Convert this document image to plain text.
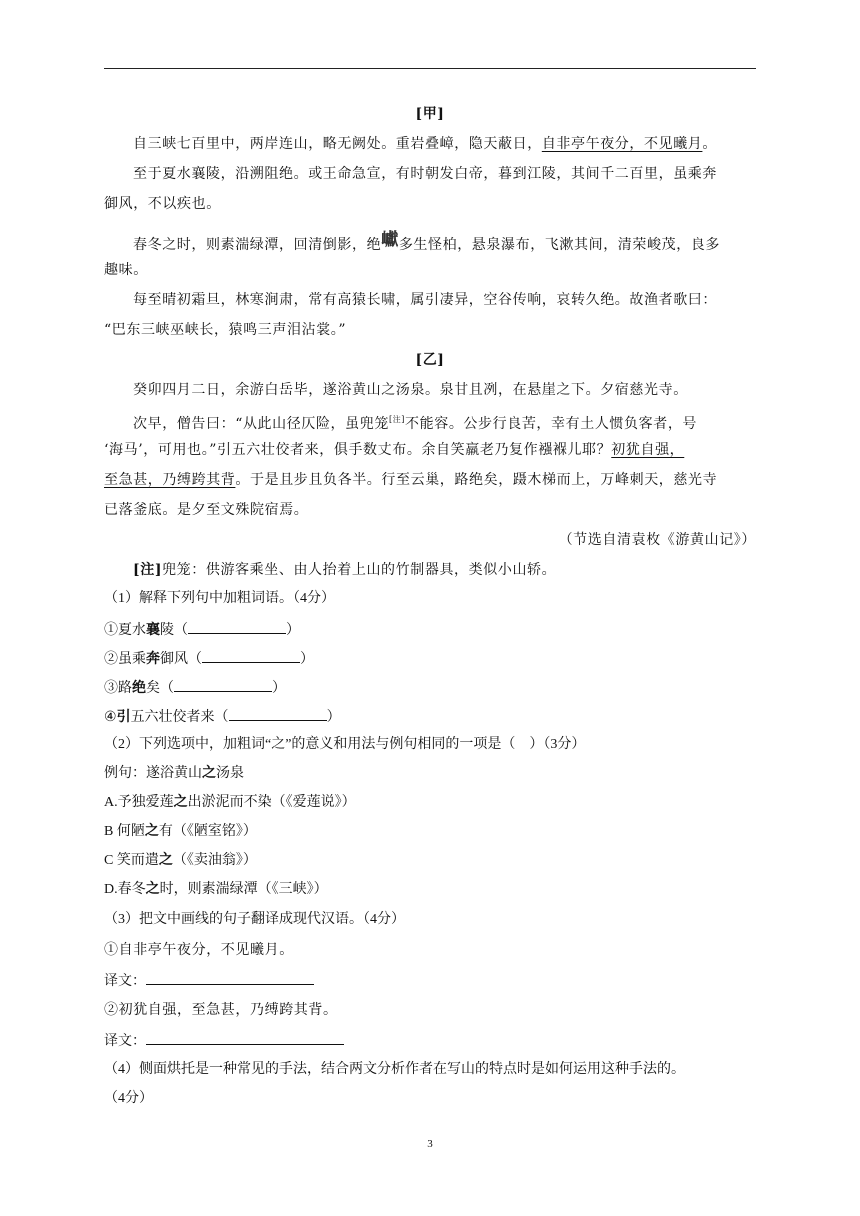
[甲]
自三峡七百里中，两岸连山，略无阙处。重岩叠嶂，隐天蔽日，自非亭午夜分，不见曦月。
至于夏水襄陵，沿溯阻绝。或王命急宣，有时朝发白帝，暮到江陵，其间千二百里，虽乘奔
御风，不以疾也。
春冬之时，则素湍绿潭，回清倒影，绝巘多生怪柏，悬泉瀑布，飞漱其间，清荣峻茂，良多
趣味。
每至晴初霜旦，林寒涧肃，常有高猿长啸，属引凄异，空谷传响，哀转久绝。故渔者歌曰：
“巴东三峡巫峡长，猿鸣三声泪沾裳。”
[乙]
癸卯四月二日，余游白岳毕，遂浴黄山之汤泉。泉甘且冽，在悬崖之下。夕宿慈光寺。
次早，僧告曰：“从此山径仄险，虽兜笼[注]不能容。公步行良苦，幸有土人惯负客者，号
‘海马’，可用也。”引五六壮佼者来，俱手数丈布。余自笑羸老乃复作襁褓儿耶？初犹自强，
至急甚，乃缚跨其背。于是且步且负各半。行至云巢，路绝矣，蹑木梯而上，万峰刺天，慈光寺
已落釜底。是夕至文殊院宿焉。
（节选自清袁枚《游黄山记》）
[注]兜笼：供游客乘坐、由人抬着上山的竹制器具，类似小山轿。
（1）解释下列句中加粗词语。（4分）
①夏水襄陵（	）
②虽乘奔御风（	）
③路绝矣（	）
④引五六壮佼者来（	）
（2）下列选项中，加粗词“之”的意义和用法与例句相同的一项是（　）（3分）
例句：遂浴黄山之汤泉
A.予独爱莲之出淤泥而不染（《爱莲说》）
B 何陋之有（《陋室铭》）
C 笑而遣之（《卖油翁》）
D.春冬之时，则素湍绿潭（《三峡》）
（3）把文中画线的句子翻译成现代汉语。（4分）
①自非亭午夜分，不见曦月。
译文：
②初犹自强，至急甚，乃缚跨其背。
译文：
（4）侧面烘托是一种常见的手法，结合两文分析作者在写山的特点时是如何运用这种手法的。
（4分）
3
